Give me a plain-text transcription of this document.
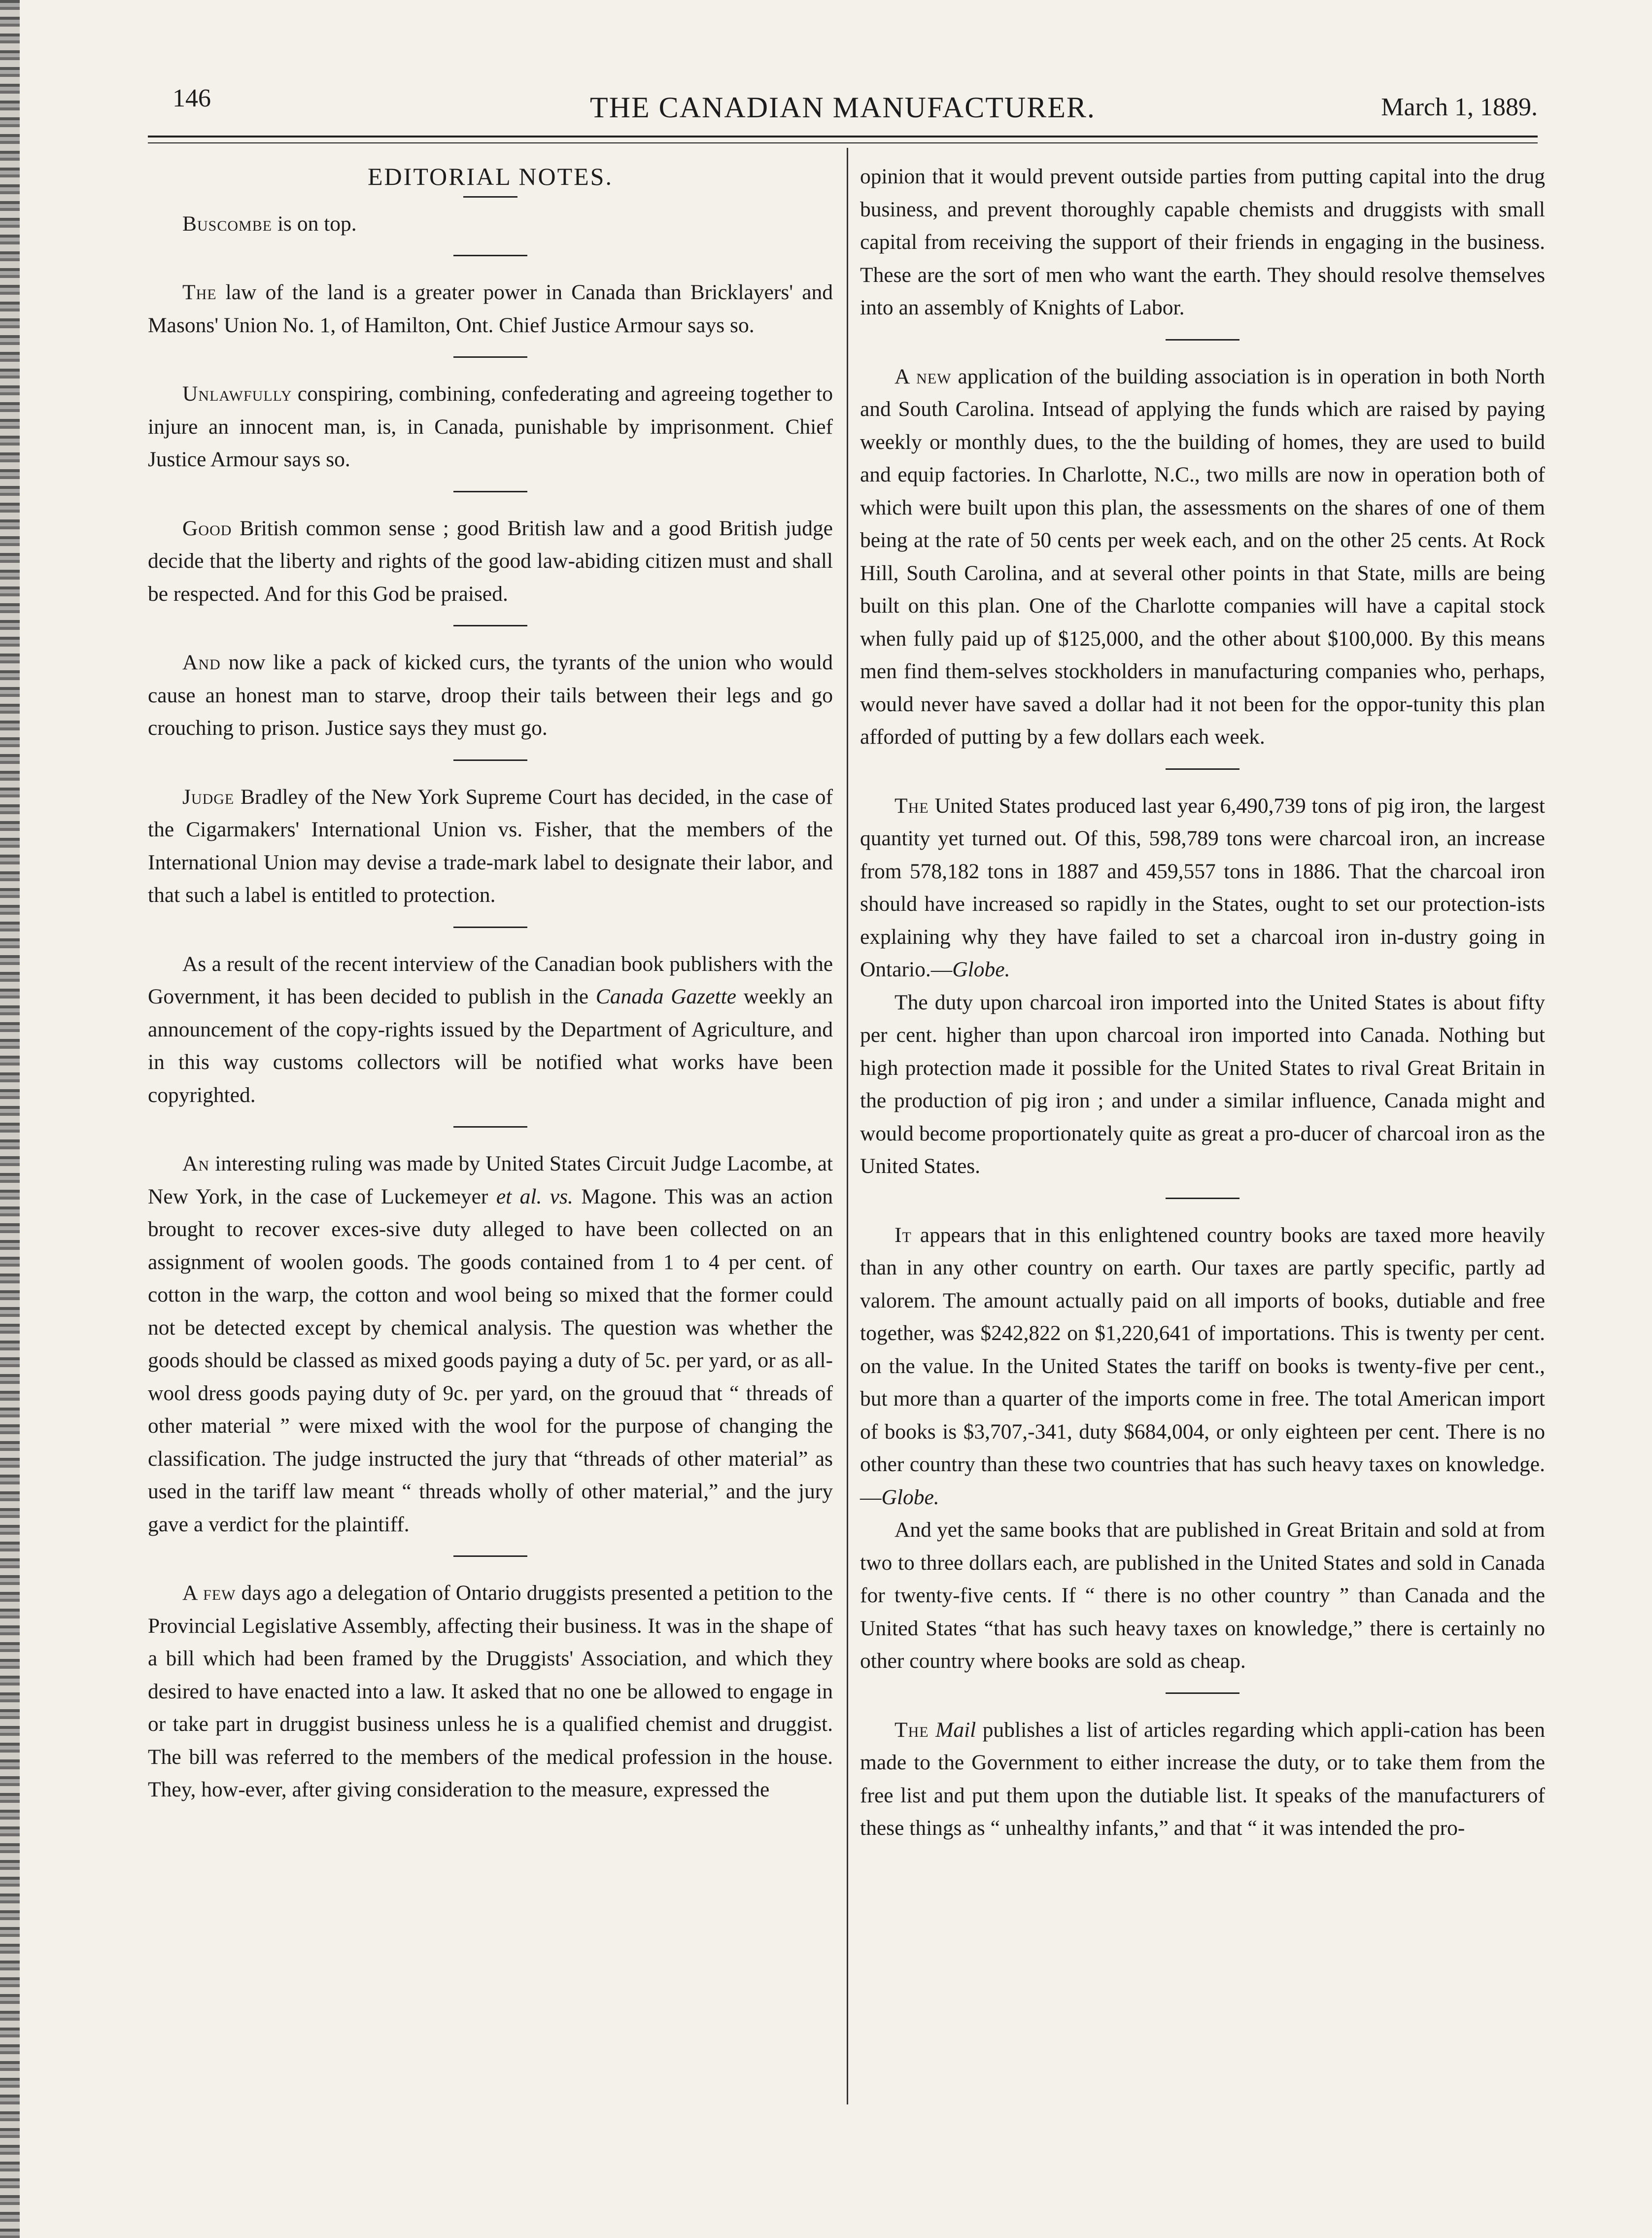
146	THE CANADIAN MANUFACTURER.	March 1, 1889.

EDITORIAL NOTES.

Buscombe is on top.

The law of the land is a greater power in Canada than Bricklayers' and Masons' Union No. 1, of Hamilton, Ont. Chief Justice Armour says so.

Unlawfully conspiring, combining, confederating and agreeing together to injure an innocent man, is, in Canada, punishable by imprisonment. Chief Justice Armour says so.

Good British common sense ; good British law and a good British judge decide that the liberty and rights of the good law-abiding citizen must and shall be respected. And for this God be praised.

And now like a pack of kicked curs, the tyrants of the union who would cause an honest man to starve, droop their tails between their legs and go crouching to prison. Justice says they must go.

Judge Bradley of the New York Supreme Court has decided, in the case of the Cigarmakers' International Union vs. Fisher, that the members of the International Union may devise a trade-mark label to designate their labor, and that such a label is entitled to protection.

As a result of the recent interview of the Canadian book publishers with the Government, it has been decided to publish in the Canada Gazette weekly an announcement of the copy-rights issued by the Department of Agriculture, and in this way customs collectors will be notified what works have been copyrighted.

An interesting ruling was made by United States Circuit Judge Lacombe, at New York, in the case of Luckemeyer et al. vs. Magone. This was an action brought to recover exces-sive duty alleged to have been collected on an assignment of woolen goods. The goods contained from 1 to 4 per cent. of cotton in the warp, the cotton and wool being so mixed that the former could not be detected except by chemical analysis. The question was whether the goods should be classed as mixed goods paying a duty of 5c. per yard, or as all-wool dress goods paying duty of 9c. per yard, on the grouud that “ threads of other material ” were mixed with the wool for the purpose of changing the classification. The judge instructed the jury that “threads of other material” as used in the tariff law meant “ threads wholly of other material,” and the jury gave a verdict for the plaintiff.

A few days ago a delegation of Ontario druggists presented a petition to the Provincial Legislative Assembly, affecting their business. It was in the shape of a bill which had been framed by the Druggists' Association, and which they desired to have enacted into a law. It asked that no one be allowed to engage in or take part in druggist business unless he is a qualified chemist and druggist. The bill was referred to the members of the medical profession in the house. They, how-ever, after giving consideration to the measure, expressed the

opinion that it would prevent outside parties from putting capital into the drug business, and prevent thoroughly capable chemists and druggists with small capital from receiving the support of their friends in engaging in the business. These are the sort of men who want the earth. They should resolve themselves into an assembly of Knights of Labor.

A new application of the building association is in operation in both North and South Carolina. Intsead of applying the funds which are raised by paying weekly or monthly dues, to the the building of homes, they are used to build and equip factories. In Charlotte, N.C., two mills are now in operation both of which were built upon this plan, the assessments on the shares of one of them being at the rate of 50 cents per week each, and on the other 25 cents. At Rock Hill, South Carolina, and at several other points in that State, mills are being built on this plan. One of the Charlotte companies will have a capital stock when fully paid up of $125,000, and the other about $100,000. By this means men find them-selves stockholders in manufacturing companies who, perhaps, would never have saved a dollar had it not been for the oppor-tunity this plan afforded of putting by a few dollars each week.

The United States produced last year 6,490,739 tons of pig iron, the largest quantity yet turned out. Of this, 598,789 tons were charcoal iron, an increase from 578,182 tons in 1887 and 459,557 tons in 1886. That the charcoal iron should have increased so rapidly in the States, ought to set our protection-ists explaining why they have failed to set a charcoal iron in-dustry going in Ontario.—Globe.

The duty upon charcoal iron imported into the United States is about fifty per cent. higher than upon charcoal iron imported into Canada. Nothing but high protection made it possible for the United States to rival Great Britain in the production of pig iron ; and under a similar influence, Canada might and would become proportionately quite as great a pro-ducer of charcoal iron as the United States.

It appears that in this enlightened country books are taxed more heavily than in any other country on earth. Our taxes are partly specific, partly ad valorem. The amount actually paid on all imports of books, dutiable and free together, was $242,822 on $1,220,641 of importations. This is twenty per cent. on the value. In the United States the tariff on books is twenty-five per cent., but more than a quarter of the imports come in free. The total American import of books is $3,707,-341, duty $684,004, or only eighteen per cent. There is no other country than these two countries that has such heavy taxes on knowledge.—Globe.

And yet the same books that are published in Great Britain and sold at from two to three dollars each, are published in the United States and sold in Canada for twenty-five cents. If “ there is no other country ” than Canada and the United States “that has such heavy taxes on knowledge,” there is certainly no other country where books are sold as cheap.

The Mail publishes a list of articles regarding which appli-cation has been made to the Government to either increase the duty, or to take them from the free list and put them upon the dutiable list. It speaks of the manufacturers of these things as “ unhealthy infants,” and that “ it was intended the pro-
